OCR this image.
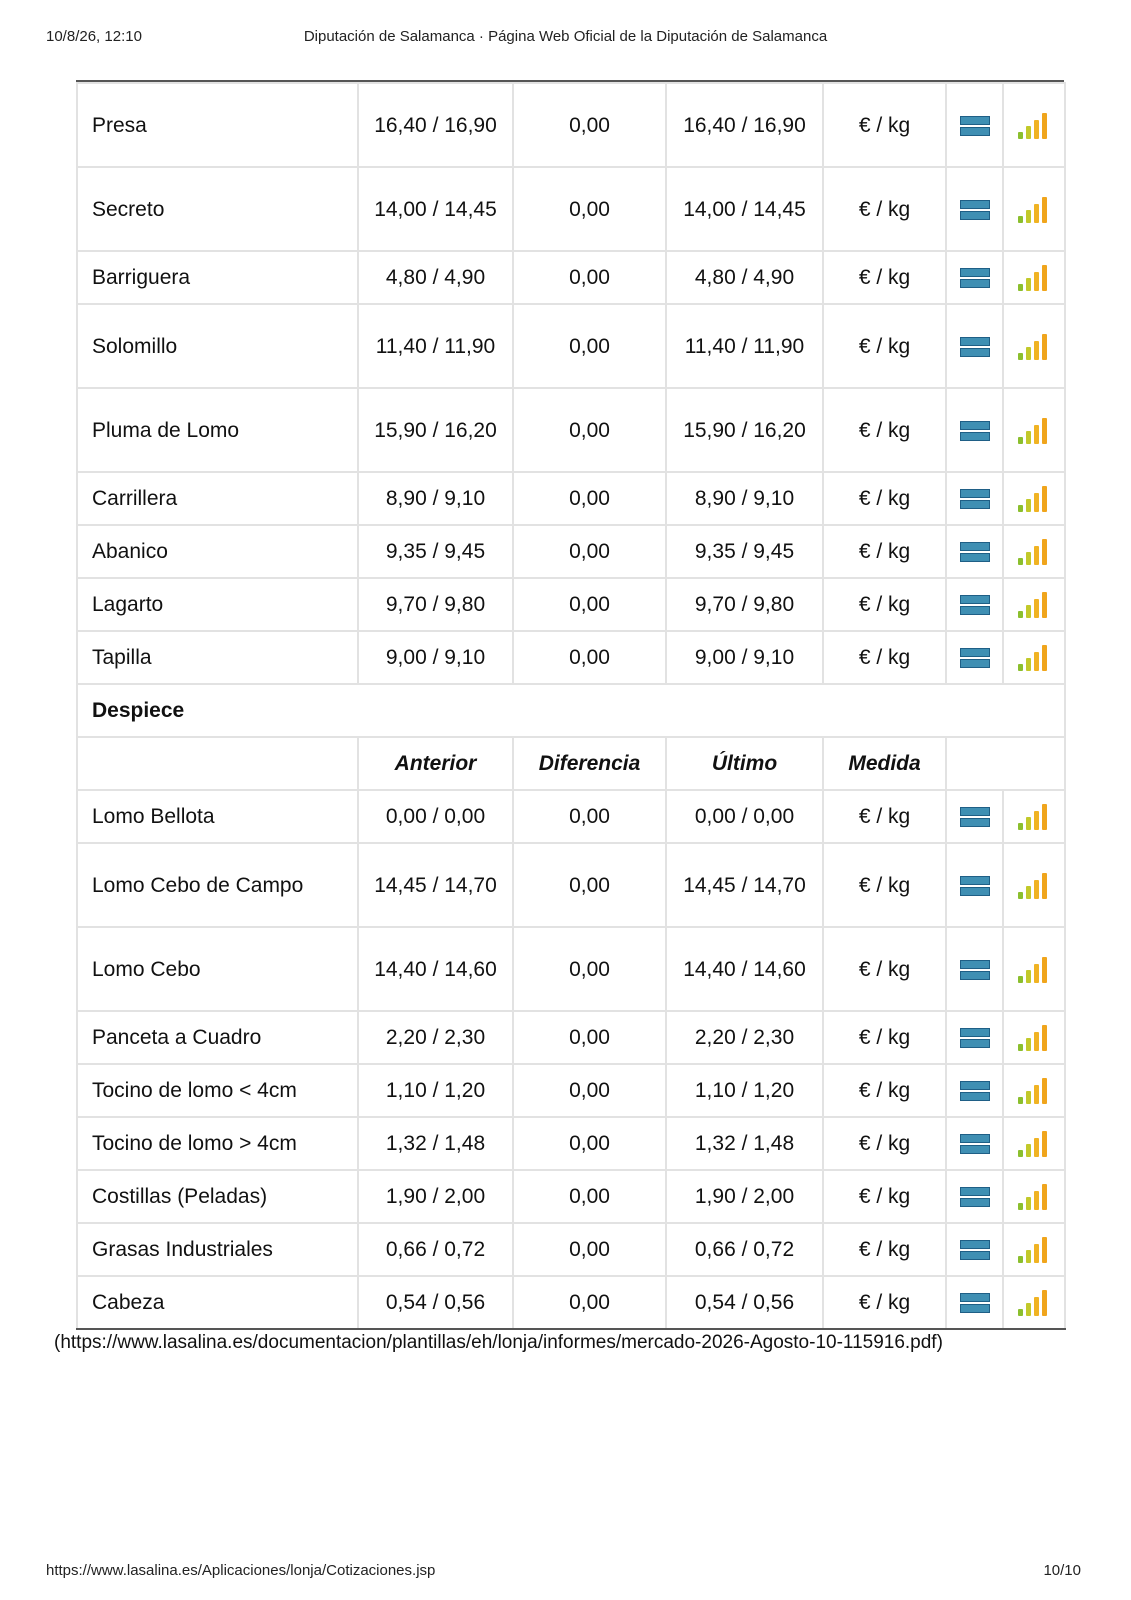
10/8/26, 12:10	Diputación de Salamanca · Página Web Oficial de la Diputación de Salamanca
Presa	16,40 / 16,90	0,00	16,40 / 16,90	€ / kg	

Secreto	14,00 / 14,45	0,00	14,00 / 14,45	€ / kg	

Barriguera	4,80 / 4,90	0,00	4,80 / 4,90	€ / kg	

Solomillo	11,40 / 11,90	0,00	11,40 / 11,90	€ / kg	

Pluma de Lomo	15,90 / 16,20	0,00	15,90 / 16,20	€ / kg	

Carrillera	8,90 / 9,10	0,00	8,90 / 9,10	€ / kg	

Abanico	9,35 / 9,45	0,00	9,35 / 9,45	€ / kg	

Lagarto	9,70 / 9,80	0,00	9,70 / 9,80	€ / kg	

Tapilla	9,00 / 9,10	0,00	9,00 / 9,10	€ / kg	

Despiece						
	Anterior	Diferencia	Último	Medida		
Lomo Bellota	0,00 / 0,00	0,00	0,00 / 0,00	€ / kg	

Lomo Cebo de Campo	14,45 / 14,70	0,00	14,45 / 14,70	€ / kg	

Lomo Cebo	14,40 / 14,60	0,00	14,40 / 14,60	€ / kg	

Panceta a Cuadro	2,20 / 2,30	0,00	2,20 / 2,30	€ / kg	

Tocino de lomo < 4cm	1,10 / 1,20	0,00	1,10 / 1,20	€ / kg	

Tocino de lomo > 4cm	1,32 / 1,48	0,00	1,32 / 1,48	€ / kg	

Costillas (Peladas)	1,90 / 2,00	0,00	1,90 / 2,00	€ / kg	

Grasas Industriales	0,66 / 0,72	0,00	0,66 / 0,72	€ / kg	

Cabeza	0,54 / 0,56	0,00	0,54 / 0,56	€ / kg	

(https://www.lasalina.es/documentacion/plantillas/eh/lonja/informes/mercado-2026-Agosto-10-115916.pdf)
https://www.lasalina.es/Aplicaciones/lonja/Cotizaciones.jsp	10/10
